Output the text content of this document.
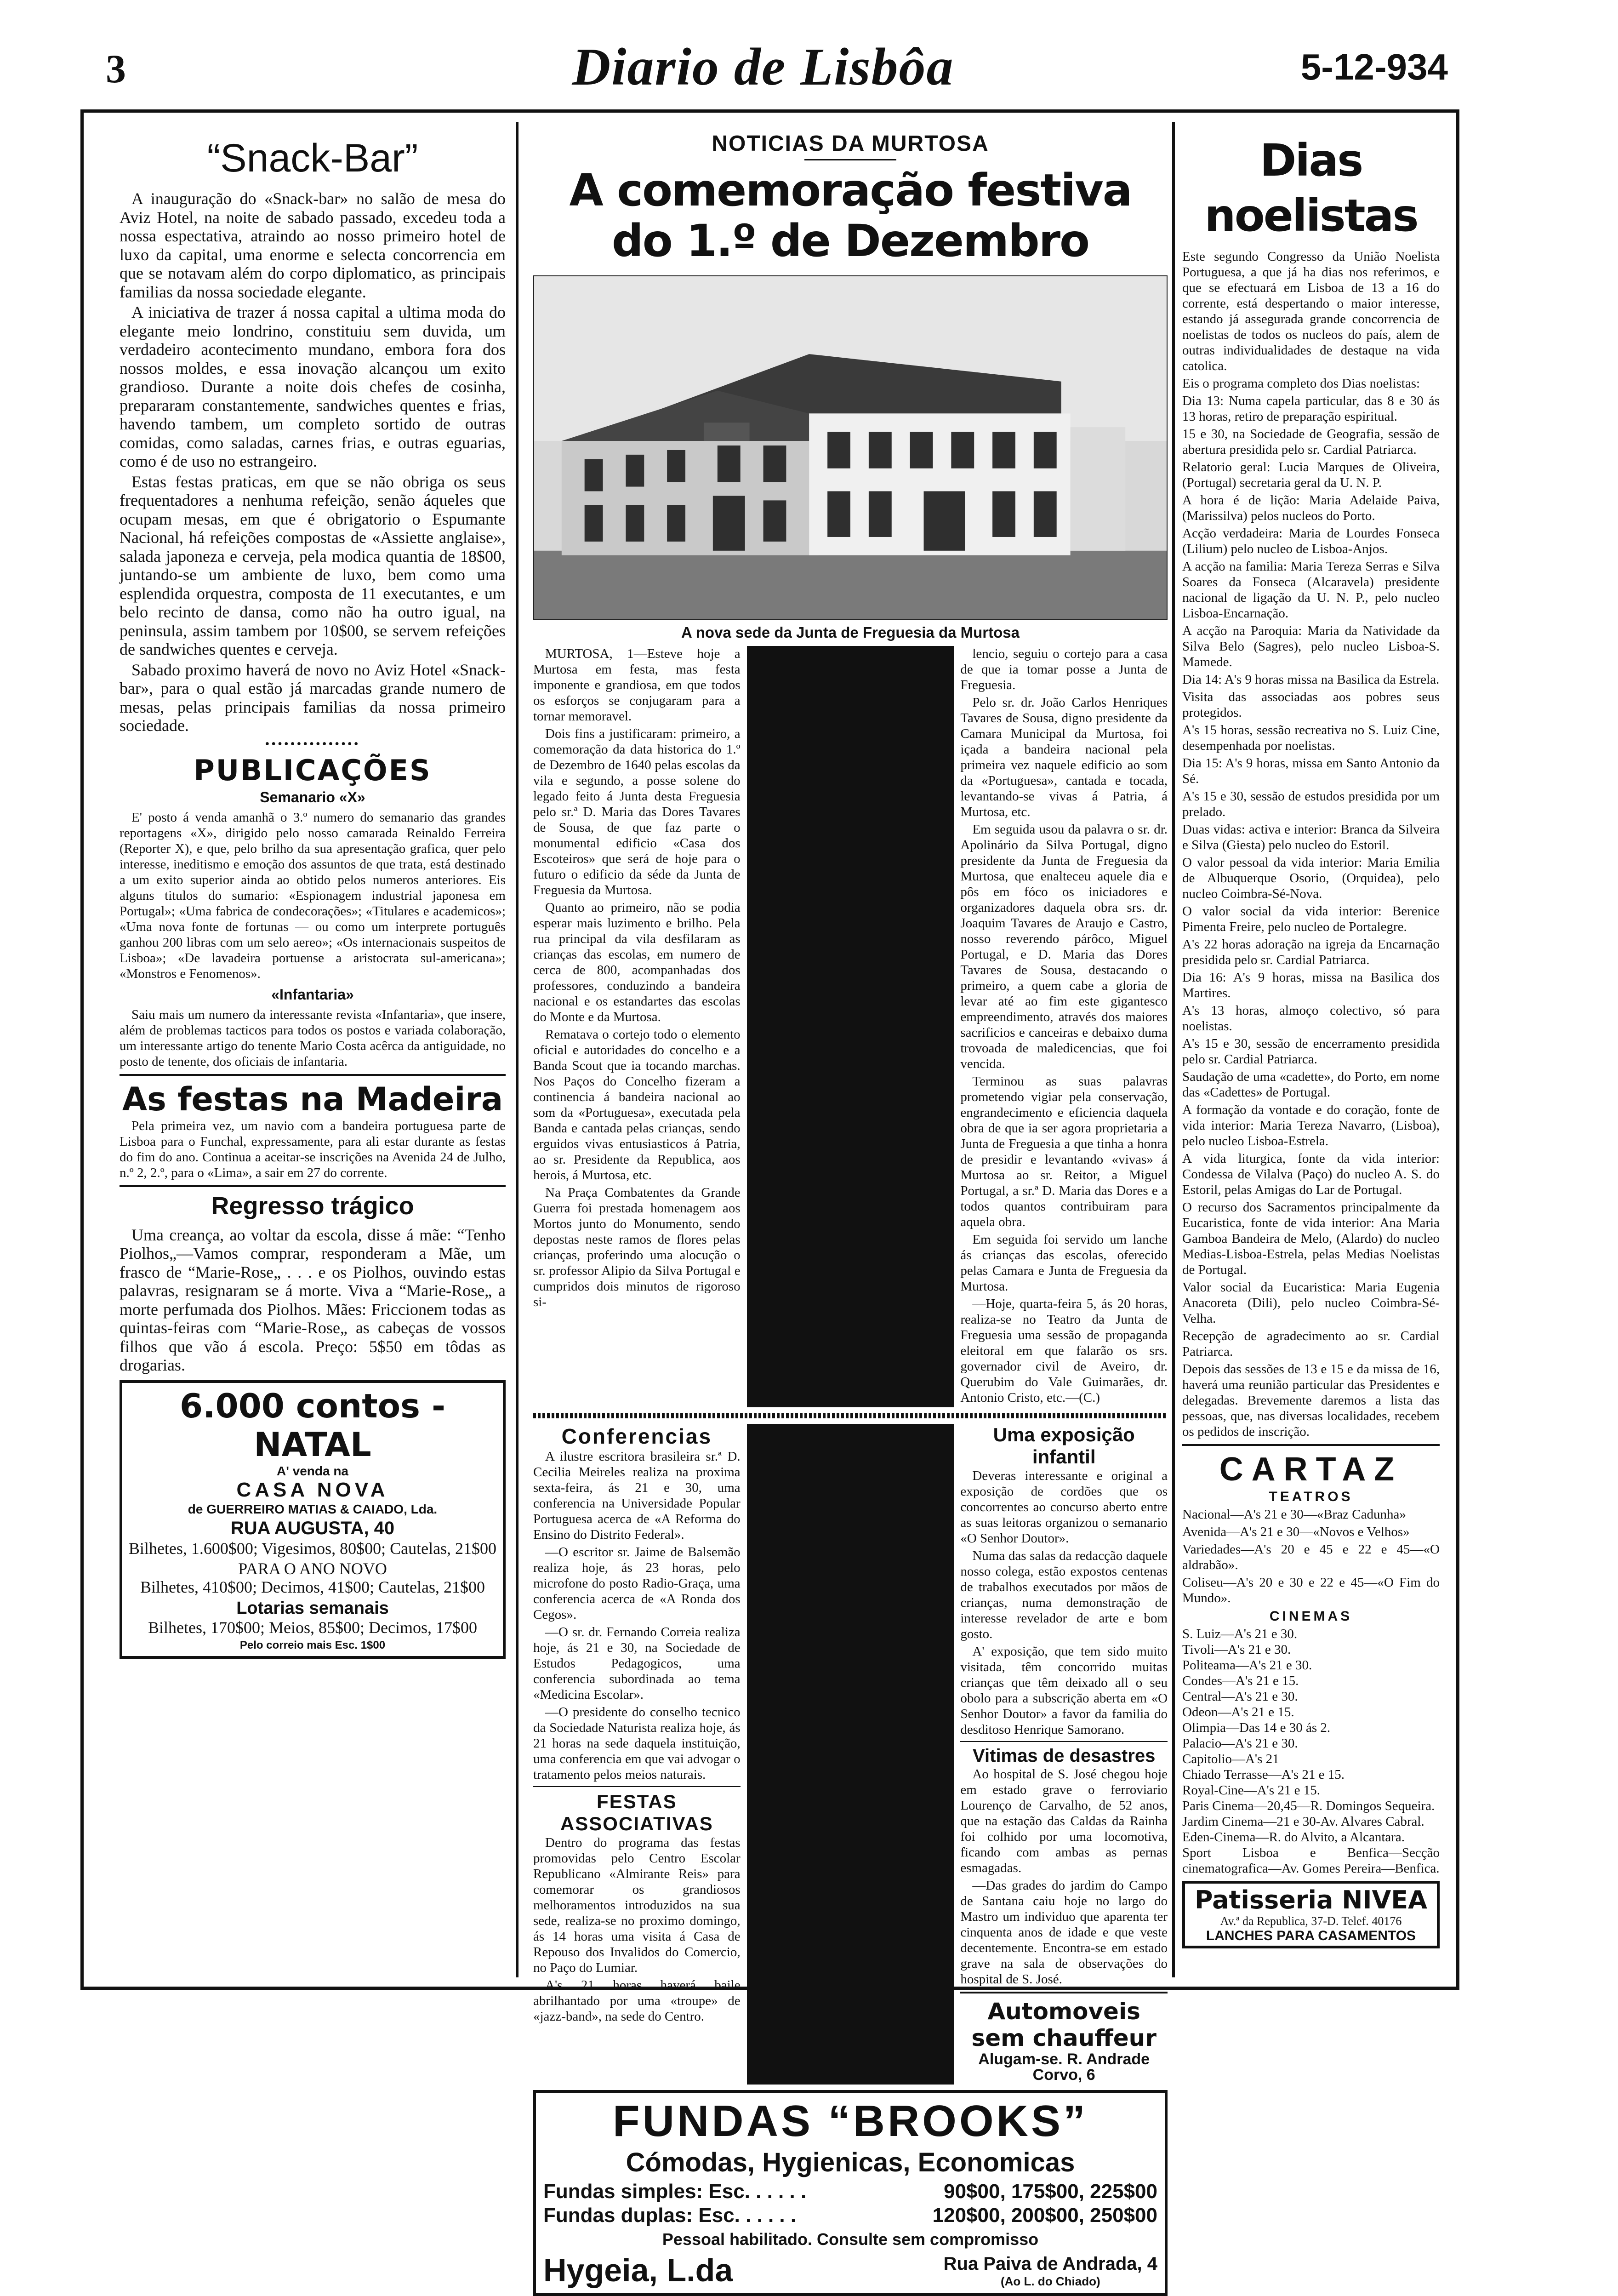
3	Diario de Lisbôa	5-12-934
“Snack-Bar”

A inauguração do «Snack-bar» no salão de mesa do Aviz Hotel, na noite de sabado passado, excedeu toda a nossa espectativa, atraindo ao nosso primeiro hotel de luxo da capital, uma enorme e selecta concorrencia em que se notavam além do corpo diplomatico, as principais familias da nossa sociedade elegante.

A iniciativa de trazer á nossa capital a ultima moda do elegante meio londrino, constituiu sem duvida, um verdadeiro acontecimento mundano, embora fora dos nossos moldes, e essa inovação alcançou um exito grandioso. Durante a noite dois chefes de cosinha, prepararam constantemente, sandwiches quentes e frias, havendo tambem, um completo sortido de outras comidas, como saladas, carnes frias, e outras eguarias, como é de uso no estrangeiro.

Estas festas praticas, em que se não obriga os seus frequentadores a nenhuma refeição, senão áqueles que ocupam mesas, em que é obrigatorio o Espumante Nacional, há refeições compostas de «Assiette anglaise», salada japoneza e cerveja, pela modica quantia de 18$00, juntando-se um ambiente de luxo, bem como uma esplendida orquestra, composta de 11 executantes, e um belo recinto de dansa, como não ha outro igual, na peninsula, assim tambem por 10$00, se servem refeições de sandwiches quentes e cerveja.

Sabado proximo haverá de novo no Aviz Hotel «Snack-bar», para o qual estão já marcadas grande numero de mesas, pelas principais familias da nossa primeiro sociedade.

•••••••••••••••
PUBLICAÇÕES
Semanario «X»

E' posto á venda amanhã o 3.º numero do semanario das grandes reportagens «X», dirigido pelo nosso camarada Reinaldo Ferreira (Reporter X), e que, pelo brilho da sua apresentação grafica, quer pelo interesse, ineditismo e emoção dos assuntos de que trata, está destinado a um exito superior ainda ao obtido pelos numeros anteriores. Eis alguns titulos do sumario: «Espionagem industrial japonesa em Portugal»; «Uma fabrica de condecorações»; «Titulares e academicos»; «Uma nova fonte de fortunas — ou como um interprete português ganhou 200 libras com um selo aereo»; «Os internacionais suspeitos de Lisboa»; «De lavadeira portuense a aristocrata sul-americana»; «Monstros e Fenomenos».

«Infantaria»

Saiu mais um numero da interessante revista «Infantaria», que insere, além de problemas tacticos para todos os postos e variada colaboração, um interessante artigo do tenente Mario Costa acêrca da antiguidade, no posto de tenente, dos oficiais de infantaria.

As festas na Madeira

Pela primeira vez, um navio com a bandeira portuguesa parte de Lisboa para o Funchal, expressamente, para ali estar durante as festas do fim do ano. Continua a aceitar-se inscrições na Avenida 24 de Julho, n.º 2, 2.º, para o «Lima», a sair em 27 do corrente.

Regresso trágico

Uma creança, ao voltar da escola, disse á mãe: “Tenho Piolhos„—Vamos comprar, responderam a Mãe, um frasco de “Marie-Rose„ . . . e os Piolhos, ouvindo estas palavras, resignaram se á morte. Viva a “Marie-Rose„ a morte perfumada dos Piolhos. Mães: Friccionem todas as quintas-feiras com “Marie-Rose„ as cabeças de vossos filhos que vão á escola. Preço: 5$50 em tôdas as drogarias.

6.000 contos - NATAL

A' venda na

CASA NOVA

de GUERREIRO MATIAS & CAIADO, Lda.

RUA AUGUSTA, 40

Bilhetes, 1.600$00; Vigesimos, 80$00; Cautelas, 21$00

PARA O ANO NOVO

Bilhetes, 410$00; Decimos, 41$00; Cautelas, 21$00

Lotarias semanais

Bilhetes, 170$00; Meios, 85$00; Decimos, 17$00

Pelo correio mais Esc. 1$00

NOTICIAS DA MURTOSA
A comemoração festiva do 1.º de Dezembro
A nova sede da Junta de Freguesia da Murtosa

MURTOSA, 1—Esteve hoje a Murtosa em festa, mas festa imponente e grandiosa, em que todos os esforços se conjugaram para a tornar memoravel.

Dois fins a justificaram: primeiro, a comemoração da data historica do 1.º de Dezembro de 1640 pelas escolas da vila e segundo, a posse solene do legado feito á Junta desta Freguesia pelo sr.ª D. Maria das Dores Tavares de Sousa, de que faz parte o monumental edificio «Casa dos Escoteiros» que será de hoje para o futuro o edificio da séde da Junta de Freguesia da Murtosa.

Quanto ao primeiro, não se podia esperar mais luzimento e brilho. Pela rua principal da vila desfilaram as crianças das escolas, em numero de cerca de 800, acompanhadas dos professores, conduzindo a bandeira nacional e os estandartes das escolas do Monte e da Murtosa.

Rematava o cortejo todo o elemento oficial e autoridades do concelho e a Banda Scout que ia tocando marchas. Nos Paços do Concelho fizeram a continencia á bandeira nacional ao som da «Portuguesa», executada pela Banda e cantada pelas crianças, sendo erguidos vivas entusiasticos á Patria, ao sr. Presidente da Republica, aos herois, á Murtosa, etc.

Na Praça Combatentes da Grande Guerra foi prestada homenagem aos Mortos junto do Monumento, sendo depostas neste ramos de flores pelas crianças, proferindo uma alocução o sr. professor Alipio da Silva Portugal e cumpridos dois minutos de rigoroso si-

lencio, seguiu o cortejo para a casa de que ia tomar posse a Junta de Freguesia.

Pelo sr. dr. João Carlos Henriques Tavares de Sousa, digno presidente da Camara Municipal da Murtosa, foi içada a bandeira nacional pela primeira vez naquele edificio ao som da «Portuguesa», cantada e tocada, levantando-se vivas á Patria, á Murtosa, etc.

Em seguida usou da palavra o sr. dr. Apolinário da Silva Portugal, digno presidente da Junta de Freguesia da Murtosa, que enalteceu aquele dia e pôs em fóco os iniciadores e organizadores daquela obra srs. dr. Joaquim Tavares de Araujo e Castro, nosso reverendo párôco, Miguel Portugal, e D. Maria das Dores Tavares de Sousa, destacando o primeiro, a quem cabe a gloria de levar até ao fim este gigantesco empreendimento, através dos maiores sacrificios e canceiras e debaixo duma trovoada de maledicencias, que foi vencida.

Terminou as suas palavras prometendo vigiar pela conservação, engrandecimento e eficiencia daquela obra de que ia ser agora proprietaria a Junta de Freguesia a que tinha a honra de presidir e levantando «vivas» á Murtosa ao sr. Reitor, a Miguel Portugal, a sr.ª D. Maria das Dores e a todos quantos contribuiram para aquela obra.

Em seguida foi servido um lanche ás crianças das escolas, oferecido pelas Camara e Junta de Freguesia da Murtosa.

—Hoje, quarta-feira 5, ás 20 horas, realiza-se no Teatro da Junta de Freguesia uma sessão de propaganda eleitoral em que falarão os srs. governador civil de Aveiro, dr. Querubim do Vale Guimarães, dr. Antonio Cristo, etc.—(C.)

Conferencias

A ilustre escritora brasileira sr.ª D. Cecilia Meireles realiza na proxima sexta-feira, ás 21 e 30, uma conferencia na Universidade Popular Portuguesa acerca de «A Reforma do Ensino do Distrito Federal».

—O escritor sr. Jaime de Balsemão realiza hoje, ás 23 horas, pelo microfone do posto Radio-Graça, uma conferencia acerca de «A Ronda dos Cegos».

—O sr. dr. Fernando Correia realiza hoje, ás 21 e 30, na Sociedade de Estudos Pedagogicos, uma conferencia subordinada ao tema «Medicina Escolar».

—O presidente do conselho tecnico da Sociedade Naturista realiza hoje, ás 21 horas na sede daquela instituição, uma conferencia em que vai advogar o tratamento pelos meios naturais.

FESTAS ASSOCIATIVAS

Dentro do programa das festas promovidas pelo Centro Escolar Republicano «Almirante Reis» para comemorar os grandiosos melhoramentos introduzidos na sua sede, realiza-se no proximo domingo, ás 14 horas uma visita á Casa de Repouso dos Invalidos do Comercio, no Paço do Lumiar.

A's 21 horas haverá baile abrilhantado por uma «troupe» de «jazz-band», na sede do Centro.

Uma exposição infantil

Deveras interessante e original a exposição de cordões que os concorrentes ao concurso aberto entre as suas leitoras organizou o semanario «O Senhor Doutor».

Numa das salas da redacção daquele nosso colega, estão expostos centenas de trabalhos executados por mãos de crianças, numa demonstração de interesse revelador de arte e bom gosto.

A' exposição, que tem sido muito visitada, têm concorrido muitas crianças que têm deixado all o seu obolo para a subscrição aberta em «O Senhor Doutor» a favor da familia do desditoso Henrique Samorano.

Vitimas de desastres

Ao hospital de S. José chegou hoje em estado grave o ferroviario Lourenço de Carvalho, de 52 anos, que na estação das Caldas da Rainha foi colhido por uma locomotiva, ficando com ambas as pernas esmagadas.

—Das grades do jardim do Campo de Santana caiu hoje no largo do Mastro um individuo que aparenta ter cinquenta anos de idade e que veste decentemente. Encontra-se em estado grave na sala de observações do hospital de S. José.

Automoveis sem chauffeur

Alugam-se. R. Andrade Corvo, 6

FUNDAS “BROOKS”
Cómodas, Hygienicas, Economicas
Fundas simples: Esc. . . . . .	90$00, 175$00, 225$00
Fundas duplas: Esc. . . . . .	120$00, 200$00, 250$00

Pessoal habilitado. Consulte sem compromisso

Hygeia, L.da	Rua Paiva de Andrada, 4
(Ao L. do Chiado)
Dias noelistas

Este segundo Congresso da União Noelista Portuguesa, a que já ha dias nos referimos, e que se efectuará em Lisboa de 13 a 16 do corrente, está despertando o maior interesse, estando já assegurada grande concorrencia de noelistas de todos os nucleos do país, alem de outras individualidades de destaque na vida catolica.

Eis o programa completo dos Dias noelistas:

Dia 13: Numa capela particular, das 8 e 30 ás 13 horas, retiro de preparação espiritual.

15 e 30, na Sociedade de Geografia, sessão de abertura presidida pelo sr. Cardial Patriarca.

Relatorio geral: Lucia Marques de Oliveira, (Portugal) secretaria geral da U. N. P.

A hora é de lição: Maria Adelaide Paiva, (Marissilva) pelos nucleos do Porto.

Acção verdadeira: Maria de Lourdes Fonseca (Lilium) pelo nucleo de Lisboa-Anjos.

A acção na familia: Maria Tereza Serras e Silva Soares da Fonseca (Alcaravela) presidente nacional de ligação da U. N. P., pelo nucleo Lisboa-Encarnação.

A acção na Paroquia: Maria da Natividade da Silva Belo (Sagres), pelo nucleo Lisboa-S. Mamede.

Dia 14: A's 9 horas missa na Basilica da Estrela.

Visita das associadas aos pobres seus protegidos.

A's 15 horas, sessão recreativa no S. Luiz Cine, desempenhada por noelistas.

Dia 15: A's 9 horas, missa em Santo Antonio da Sé.

A's 15 e 30, sessão de estudos presidida por um prelado.

Duas vidas: activa e interior: Branca da Silveira e Silva (Giesta) pelo nucleo do Estoril.

O valor pessoal da vida interior: Maria Emilia de Albuquerque Osorio, (Orquidea), pelo nucleo Coimbra-Sé-Nova.

O valor social da vida interior: Berenice Pimenta Freire, pelo nucleo de Portalegre.

A's 22 horas adoração na igreja da Encarnação presidida pelo sr. Cardial Patriarca.

Dia 16: A's 9 horas, missa na Basilica dos Martires.

A's 13 horas, almoço colectivo, só para noelistas.

A's 15 e 30, sessão de encerramento presidida pelo sr. Cardial Patriarca.

Saudação de uma «cadette», do Porto, em nome das «Cadettes» de Portugal.

A formação da vontade e do coração, fonte de vida interior: Maria Tereza Navarro, (Lisboa), pelo nucleo Lisboa-Estrela.

A vida liturgica, fonte da vida interior: Condessa de Vilalva (Paço) do nucleo A. S. do Estoril, pelas Amigas do Lar de Portugal.

O recurso dos Sacramentos principalmente da Eucaristica, fonte de vida interior: Ana Maria Gamboa Bandeira de Melo, (Alardo) do nucleo Medias-Lisboa-Estrela, pelas Medias Noelistas de Portugal.

Valor social da Eucaristica: Maria Eugenia Anacoreta (Dili), pelo nucleo Coimbra-Sé-Velha.

Recepção de agradecimento ao sr. Cardial Patriarca.

Depois das sessões de 13 e 15 e da missa de 16, haverá uma reunião particular das Presidentes e delegadas. Brevemente daremos a lista das pessoas, que, nas diversas localidades, recebem os pedidos de inscrição.

CARTAZ
TEATROS

Nacional—A's 21 e 30—«Braz Cadunha»

Avenida—A's 21 e 30—«Novos e Velhos»

Variedades—A's 20 e 45 e 22 e 45—«O aldrabão».

Coliseu—A's 20 e 30 e 22 e 45—«O Fim do Mundo».

CINEMAS

S. Luiz—A's 21 e 30.

Tivoli—A's 21 e 30.

Politeama—A's 21 e 30.

Condes—A's 21 e 15.

Central—A's 21 e 30.

Odeon—A's 21 e 15.

Olimpia—Das 14 e 30 ás 2.

Palacio—A's 21 e 30.

Capitolio—A's 21

Chiado Terrasse—A's 21 e 15.

Royal-Cine—A's 21 e 15.

Paris Cinema—20,45—R. Domingos Sequeira.

Jardim Cinema—21 e 30-Av. Alvares Cabral.

Eden-Cinema—R. do Alvito, a Alcantara.

Sport Lisboa e Benfica—Secção cinematografica—Av. Gomes Pereira—Benfica.

Patisseria NIVEA

Av.ª da Republica, 37-D. Telef. 40176

LANCHES PARA CASAMENTOS
